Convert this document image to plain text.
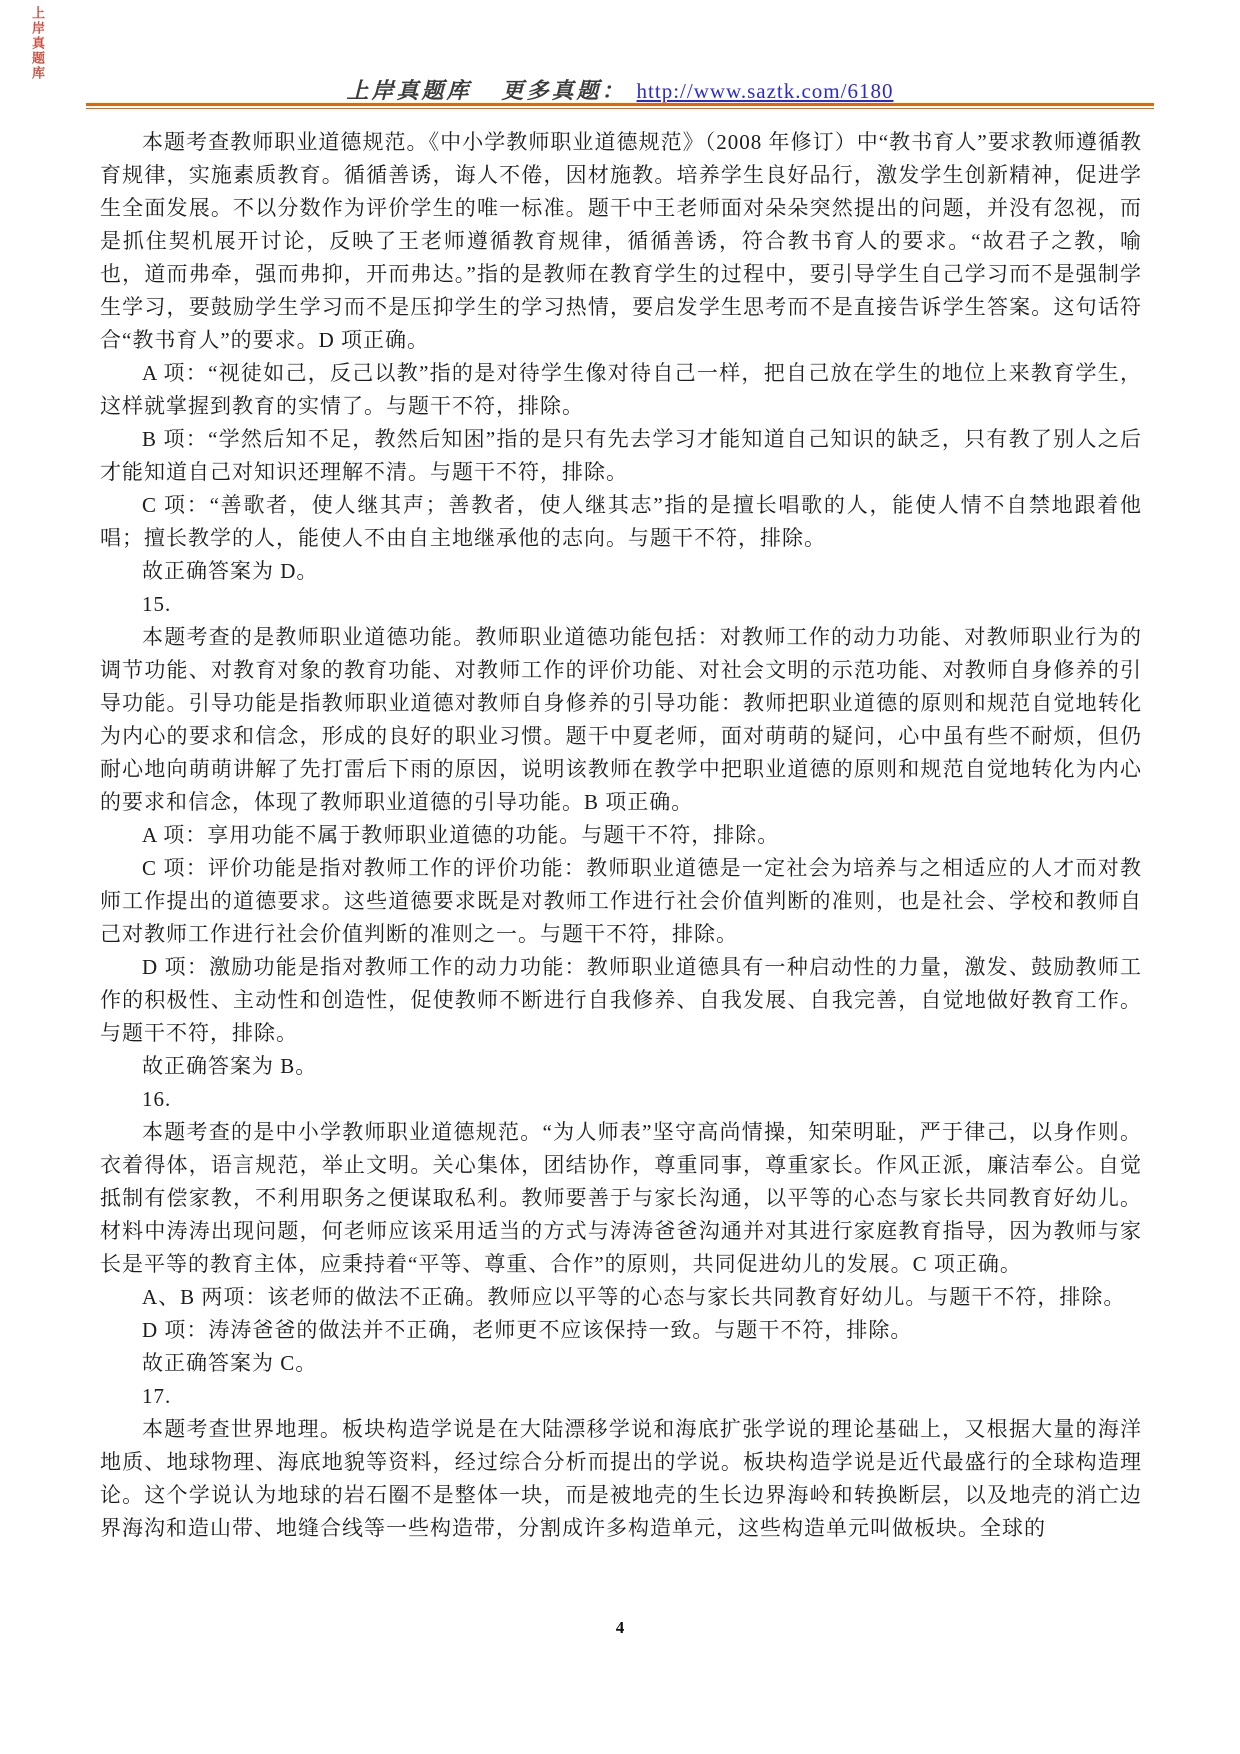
上岸真题库
上岸真题库 更多真题： http://www.saztk.com/6180

本题考查教师职业道德规范。《中小学教师职业道德规范》（2008 年修订）中“教书育人”要求教师遵循教育规律，实施素质教育。循循善诱，诲人不倦，因材施教。培养学生良好品行，激发学生创新精神，促进学生全面发展。不以分数作为评价学生的唯一标准。题干中王老师面对朵朵突然提出的问题，并没有忽视，而是抓住契机展开讨论，反映了王老师遵循教育规律，循循善诱，符合教书育人的要求。“故君子之教，喻也，道而弗牵，强而弗抑，开而弗达。”指的是教师在教育学生的过程中，要引导学生自己学习而不是强制学生学习，要鼓励学生学习而不是压抑学生的学习热情，要启发学生思考而不是直接告诉学生答案。这句话符合“教书育人”的要求。D 项正确。

A 项：“视徒如己，反己以教”指的是对待学生像对待自己一样，把自己放在学生的地位上来教育学生，这样就掌握到教育的实情了。与题干不符，排除。

B 项：“学然后知不足，教然后知困”指的是只有先去学习才能知道自己知识的缺乏，只有教了别人之后才能知道自己对知识还理解不清。与题干不符，排除。

C 项：“善歌者，使人继其声；善教者，使人继其志”指的是擅长唱歌的人，能使人情不自禁地跟着他唱；擅长教学的人，能使人不由自主地继承他的志向。与题干不符，排除。

故正确答案为 D。

15.

本题考查的是教师职业道德功能。教师职业道德功能包括：对教师工作的动力功能、对教师职业行为的调节功能、对教育对象的教育功能、对教师工作的评价功能、对社会文明的示范功能、对教师自身修养的引导功能。引导功能是指教师职业道德对教师自身修养的引导功能：教师把职业道德的原则和规范自觉地转化为内心的要求和信念，形成的良好的职业习惯。题干中夏老师，面对萌萌的疑问，心中虽有些不耐烦，但仍耐心地向萌萌讲解了先打雷后下雨的原因，说明该教师在教学中把职业道德的原则和规范自觉地转化为内心的要求和信念，体现了教师职业道德的引导功能。B 项正确。

A 项：享用功能不属于教师职业道德的功能。与题干不符，排除。

C 项：评价功能是指对教师工作的评价功能：教师职业道德是一定社会为培养与之相适应的人才而对教师工作提出的道德要求。这些道德要求既是对教师工作进行社会价值判断的准则，也是社会、学校和教师自己对教师工作进行社会价值判断的准则之一。与题干不符，排除。

D 项：激励功能是指对教师工作的动力功能：教师职业道德具有一种启动性的力量，激发、鼓励教师工作的积极性、主动性和创造性，促使教师不断进行自我修养、自我发展、自我完善，自觉地做好教育工作。与题干不符，排除。

故正确答案为 B。

16.

本题考查的是中小学教师职业道德规范。“为人师表”坚守高尚情操，知荣明耻，严于律己，以身作则。衣着得体，语言规范，举止文明。关心集体，团结协作，尊重同事，尊重家长。作风正派，廉洁奉公。自觉抵制有偿家教，不利用职务之便谋取私利。教师要善于与家长沟通，以平等的心态与家长共同教育好幼儿。材料中涛涛出现问题，何老师应该采用适当的方式与涛涛爸爸沟通并对其进行家庭教育指导，因为教师与家长是平等的教育主体，应秉持着“平等、尊重、合作”的原则，共同促进幼儿的发展。C 项正确。

A、B 两项：该老师的做法不正确。教师应以平等的心态与家长共同教育好幼儿。与题干不符，排除。

D 项：涛涛爸爸的做法并不正确，老师更不应该保持一致。与题干不符，排除。

故正确答案为 C。

17.

本题考查世界地理。板块构造学说是在大陆漂移学说和海底扩张学说的理论基础上，又根据大量的海洋地质、地球物理、海底地貌等资料，经过综合分析而提出的学说。板块构造学说是近代最盛行的全球构造理论。这个学说认为地球的岩石圈不是整体一块，而是被地壳的生长边界海岭和转换断层，以及地壳的消亡边界海沟和造山带、地缝合线等一些构造带，分割成许多构造单元，这些构造单元叫做板块。全球的

4
